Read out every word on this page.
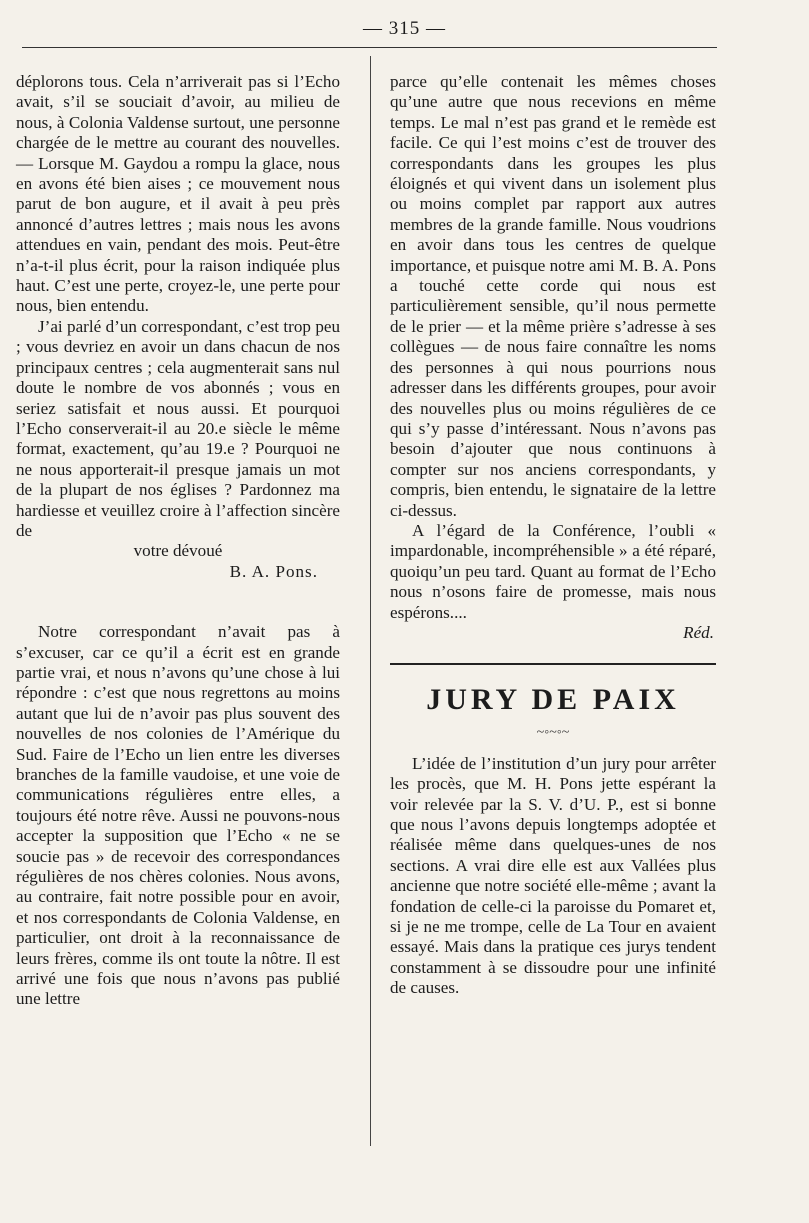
— 315 —

déplorons tous. Cela n’arriverait pas si l’Echo avait, s’il se souciait d’avoir, au milieu de nous, à Colonia Valdense surtout, une personne chargée de le mettre au courant des nouvelles. — Lorsque M. Gaydou a rompu la glace, nous en avons été bien aises ; ce mouvement nous parut de bon augure, et il avait à peu près annoncé d’autres lettres ; mais nous les avons attendues en vain, pendant des mois. Peut-être n’a-t-il plus écrit, pour la raison indiquée plus haut. C’est une perte, croyez-le, une perte pour nous, bien entendu.

J’ai parlé d’un correspondant, c’est trop peu ; vous devriez en avoir un dans chacun de nos principaux centres ; cela augmenterait sans nul doute le nombre de vos abonnés ; vous en seriez satisfait et nous aussi. Et pourquoi l’Echo conserverait-il au 20.e siècle le même format, exactement, qu’au 19.e ? Pourquoi ne ne nous apporterait-il presque jamais un mot de la plupart de nos églises ? Pardonnez ma hardiesse et veuillez croire à l’affection sincère de

votre dévoué

B. A. Pons.

Notre correspondant n’avait pas à s’excuser, car ce qu’il a écrit est en grande partie vrai, et nous n’avons qu’une chose à lui répondre : c’est que nous regrettons au moins autant que lui de n’avoir pas plus souvent des nouvelles de nos colonies de l’Amérique du Sud. Faire de l’Echo un lien entre les diverses branches de la famille vaudoise, et une voie de communications régulières entre elles, a toujours été notre rêve. Aussi ne pouvons-nous accepter la supposition que l’Echo « ne se soucie pas » de recevoir des correspondances régulières de nos chères colonies. Nous avons, au contraire, fait notre possible pour en avoir, et nos correspondants de Colonia Valdense, en particulier, ont droit à la reconnaissance de leurs frères, comme ils ont toute la nôtre. Il est arrivé une fois que nous n’avons pas publié une lettre

parce qu’elle contenait les mêmes choses qu’une autre que nous recevions en même temps. Le mal n’est pas grand et le remède est facile. Ce qui l’est moins c’est de trouver des correspondants dans les groupes les plus éloignés et qui vivent dans un isolement plus ou moins complet par rapport aux autres membres de la grande famille. Nous voudrions en avoir dans tous les centres de quelque importance, et puisque notre ami M. B. A. Pons a touché cette corde qui nous est particulièrement sensible, qu’il nous permette de le prier — et la même prière s’adresse à ses collègues — de nous faire connaître les noms des personnes à qui nous pourrions nous adresser dans les différents groupes, pour avoir des nouvelles plus ou moins régulières de ce qui s’y passe d’intéressant. Nous n’avons pas besoin d’ajouter que nous continuons à compter sur nos anciens correspondants, y compris, bien entendu, le signataire de la lettre ci-dessus.

A l’égard de la Conférence, l’oubli « impardonable, incompréhensible » a été réparé, quoiqu’un peu tard. Quant au format de l’Echo nous n’osons faire de promesse, mais nous espérons....

Réd.

JURY DE PAIX
~◦~◦~

L’idée de l’institution d’un jury pour arrêter les procès, que M. H. Pons jette espérant la voir relevée par la S. V. d’U. P., est si bonne que nous l’avons depuis longtemps adoptée et réalisée même dans quelques-unes de nos sections. A vrai dire elle est aux Vallées plus ancienne que notre société elle-même ; avant la fondation de celle-ci la paroisse du Pomaret et, si je ne me trompe, celle de La Tour en avaient essayé. Mais dans la pratique ces jurys tendent constamment à se dissoudre pour une infinité de causes.
